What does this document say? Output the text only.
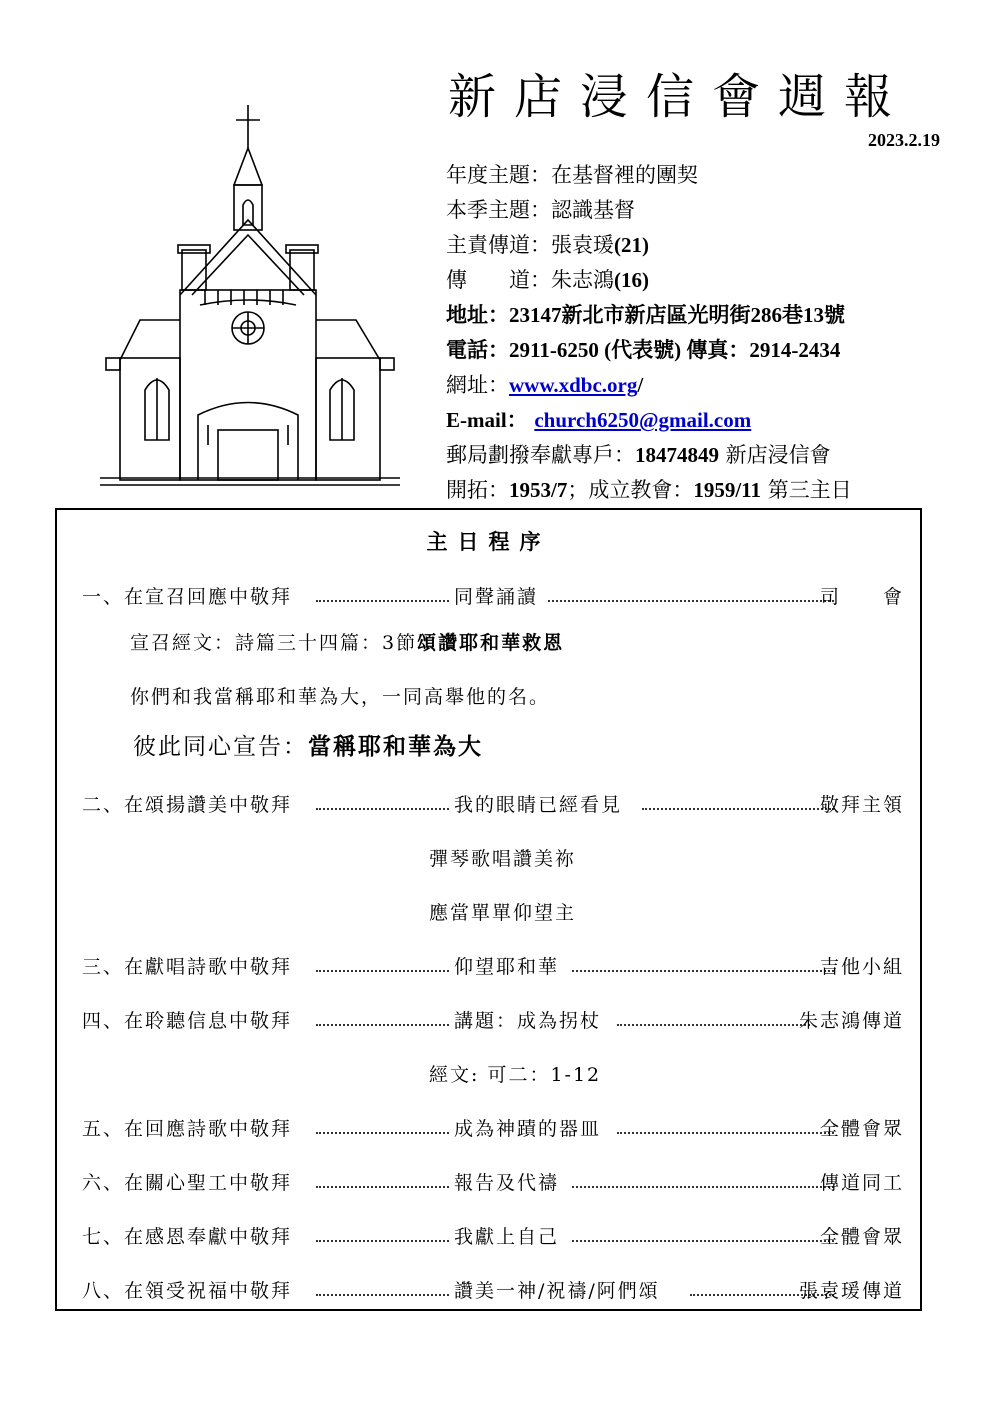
新店浸信會週報
2023.2.19
年度主題：在基督裡的團契
本季主題：認識基督
主責傳道：張袁瑗(21)
傳　　道：朱志鴻(16)
地址：23147新北市新店區光明街286巷13號
電話：2911-6250 (代表號) 傳真：2914-2434
網址：www.xdbc.org/
E-mail： church6250@gmail.com
郵局劃撥奉獻專戶：18474849 新店浸信會
開拓：1953/7；成立教會：1959/11 第三主日
主日程序
一、在宣召回應中敬拜	同聲誦讀	司　　會
宣召經文：詩篇三十四篇：3節頌讚耶和華救恩
你們和我當稱耶和華為大，一同高舉他的名。
彼此同心宣告：當稱耶和華為大
二、在頌揚讚美中敬拜	我的眼睛已經看見	敬拜主領
彈琴歌唱讚美祢
應當單單仰望主
三、在獻唱詩歌中敬拜	仰望耶和華	吉他小組
四、在聆聽信息中敬拜	講題：成為拐杖	朱志鴻傳道
經文: 可二：1-12
五、在回應詩歌中敬拜	成為神蹟的器皿	全體會眾
六、在關心聖工中敬拜	報告及代禱	傳道同工
七、在感恩奉獻中敬拜	我獻上自己	全體會眾
八、在領受祝福中敬拜	讚美一神/祝禱/阿們頌	張袁瑗傳道
